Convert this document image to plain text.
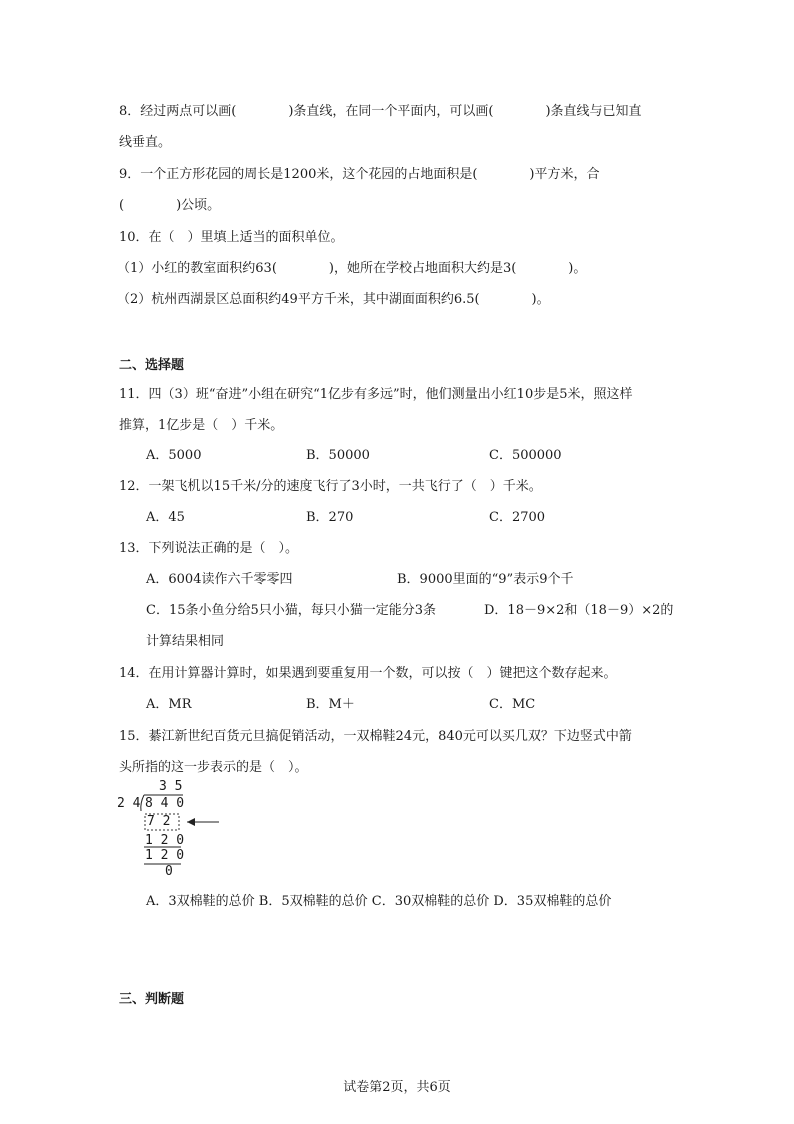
8．经过两点可以画(　　　　)条直线，在同一个平面内，可以画(　　　　)条直线与已知直
线垂直。
9．一个正方形花园的周长是1200米，这个花园的占地面积是(　　　　)平方米，合
(　　　　)公顷。
10．在（　）里填上适当的面积单位。
（1）小红的教室面积约63(　　　　)，她所在学校占地面积大约是3(　　　　)。
（2）杭州西湖景区总面积约49平方千米，其中湖面面积约6.5(　　　　)。
二、选择题
11．四（3）班“奋进”小组在研究“1亿步有多远”时，他们测量出小红10步是5米，照这样
推算，1亿步是（　）千米。
A．5000	B．50000	C．500000
12．一架飞机以15千米/分的速度飞行了3小时，一共飞行了（　）千米。
A．45	B．270	C．2700
13．下列说法正确的是（　）。
A．6004读作六千零零四	B．9000里面的“9”表示9个千
C．15条小鱼分给5只小猫，每只小猫一定能分3条	D．18－9×2和（18－9）×2的
计算结果相同
14．在用计算器计算时，如果遇到要重复用一个数，可以按（　）键把这个数存起来。
A．MR	B．M＋	C．MC
15．綦江新世纪百货元旦搞促销活动，一双棉鞋24元，840元可以买几双？下边竖式中箭
头所指的这一步表示的是（　）。
3 5
2 4 8 4 0
7 2
1 2 0
1 2 0
0
A．3双棉鞋的总价 B．5双棉鞋的总价 C．30双棉鞋的总价 D．35双棉鞋的总价
三、判断题
试卷第2页，共6页
